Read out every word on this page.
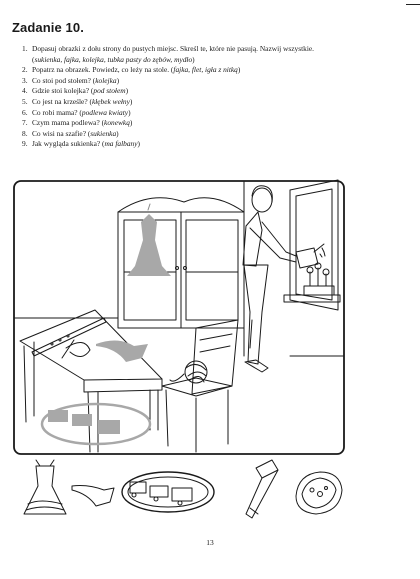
Zadanie 10.
1. Dopasuj obrazki z dołu strony do pustych miejsc. Skreśl te, które nie pasują. Nazwij wszystkie.
( sukienka, fajka, kolejka, tubka pasty do zębów, mydło )
2. Popatrz na obrazek. Powiedz, co leży na stole. (fajka, flet, igła z nitką)
3. Co stoi pod stołem? (kolejka)
4. Gdzie stoi kolejka? (pod stołem)
5. Co jest na krześle? (kłębek wełny)
6. Co robi mama? (podlewa kwiaty)
7. Czym mama podlewa? (konewką)
8. Co wisi na szafie? (sukienka)
9. Jak wygląda sukienka? (ma falbany)
13
